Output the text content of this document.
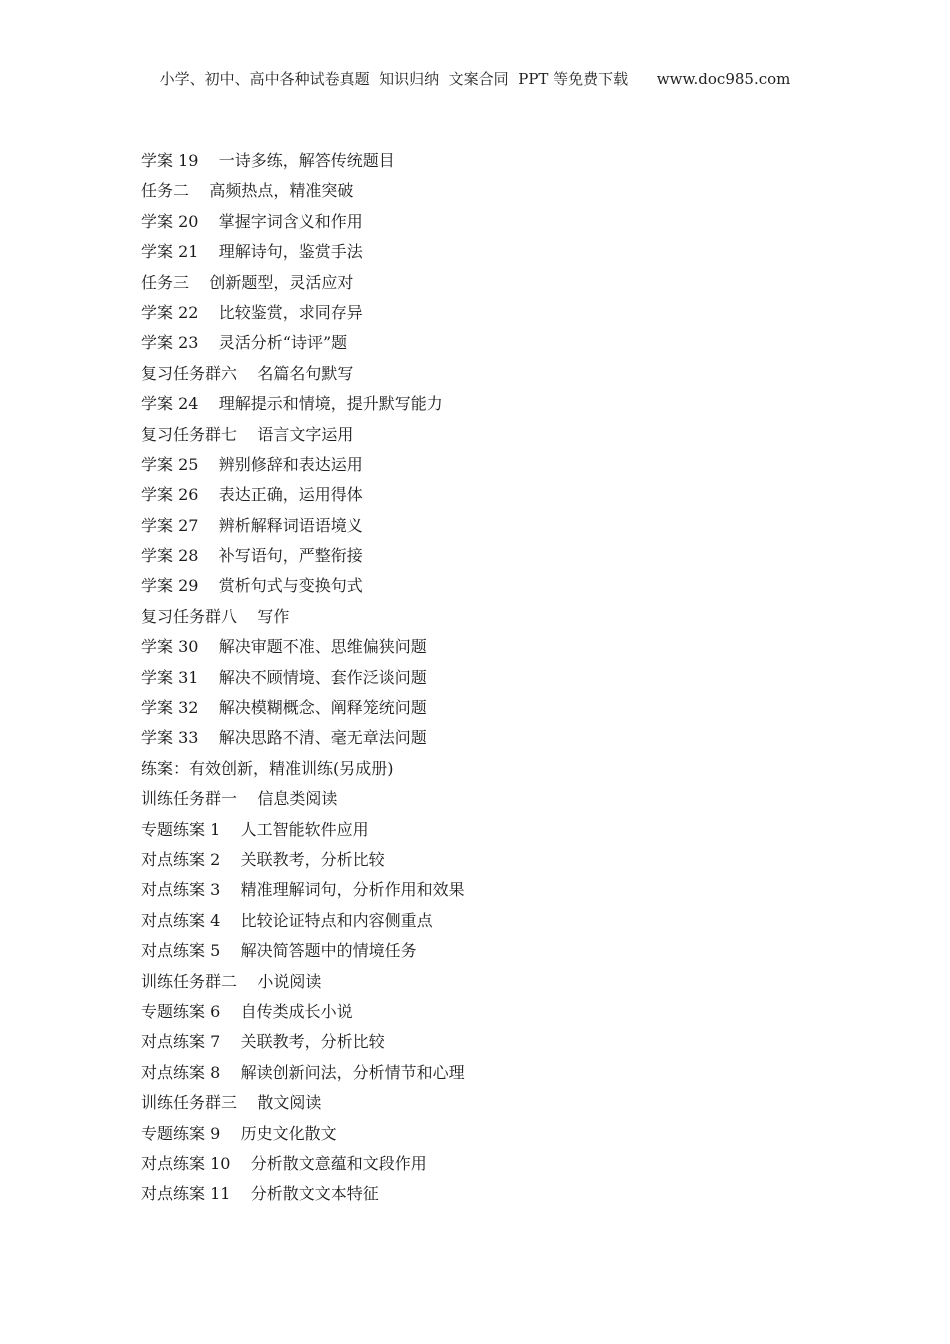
小学、初中、高中各种试卷真题  知识归纳  文案合同  PPT 等免费下载      www.doc985.com
学案 19    一诗多练，解答传统题目
任务二    高频热点，精准突破
学案 20    掌握字词含义和作用
学案 21    理解诗句，鉴赏手法
任务三    创新题型，灵活应对
学案 22    比较鉴赏，求同存异
学案 23    灵活分析“诗评”题
复习任务群六    名篇名句默写
学案 24    理解提示和情境，提升默写能力
复习任务群七    语言文字运用
学案 25    辨别修辞和表达运用
学案 26    表达正确，运用得体
学案 27    辨析解释词语语境义
学案 28    补写语句，严整衔接
学案 29    赏析句式与变换句式
复习任务群八    写作
学案 30    解决审题不准、思维偏狭问题
学案 31    解决不顾情境、套作泛谈问题
学案 32    解决模糊概念、阐释笼统问题
学案 33    解决思路不清、毫无章法问题
练案：有效创新，精准训练(另成册)
训练任务群一    信息类阅读
专题练案 1    人工智能软件应用
对点练案 2    关联教考，分析比较
对点练案 3    精准理解词句，分析作用和效果
对点练案 4    比较论证特点和内容侧重点
对点练案 5    解决简答题中的情境任务
训练任务群二    小说阅读
专题练案 6    自传类成长小说
对点练案 7    关联教考，分析比较
对点练案 8    解读创新问法，分析情节和心理
训练任务群三    散文阅读
专题练案 9    历史文化散文
对点练案 10    分析散文意蕴和文段作用
对点练案 11    分析散文文本特征
